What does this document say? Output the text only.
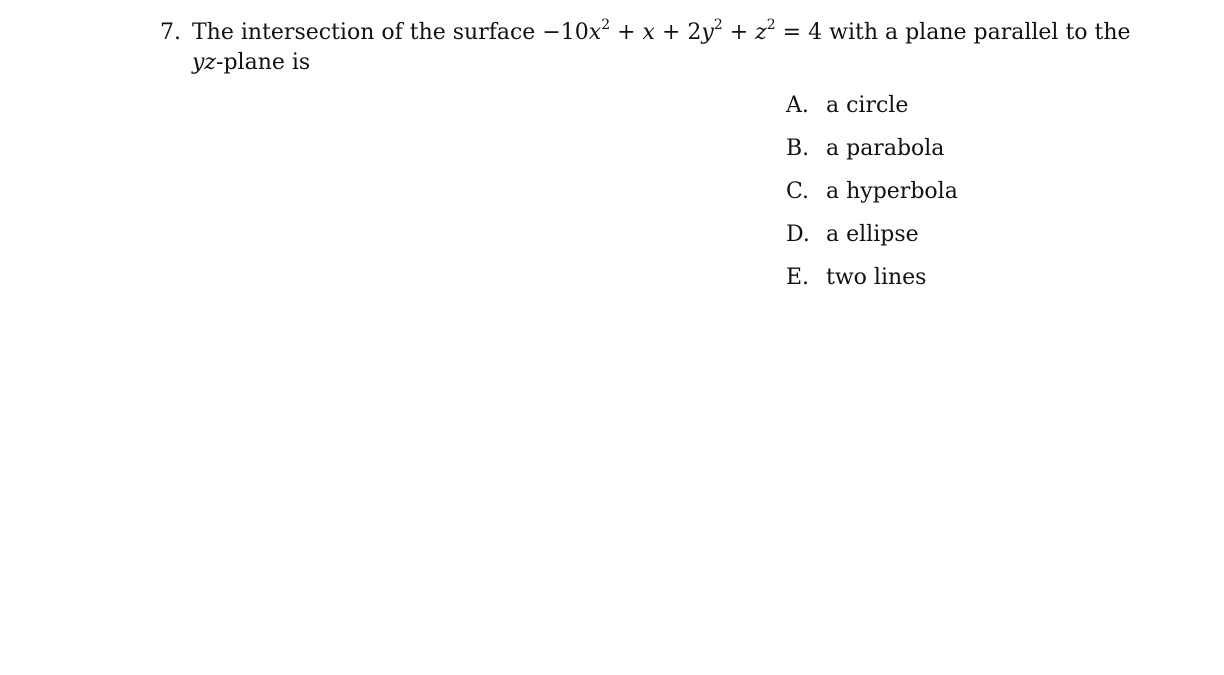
7. The intersection of the surface $-10x^2 + x + 2y^2 + z^2 = 4$ with a plane parallel to the
yz-plane is
A. a circle
B. a parabola
C. a hyperbola
D. a ellipse
E. two lines
